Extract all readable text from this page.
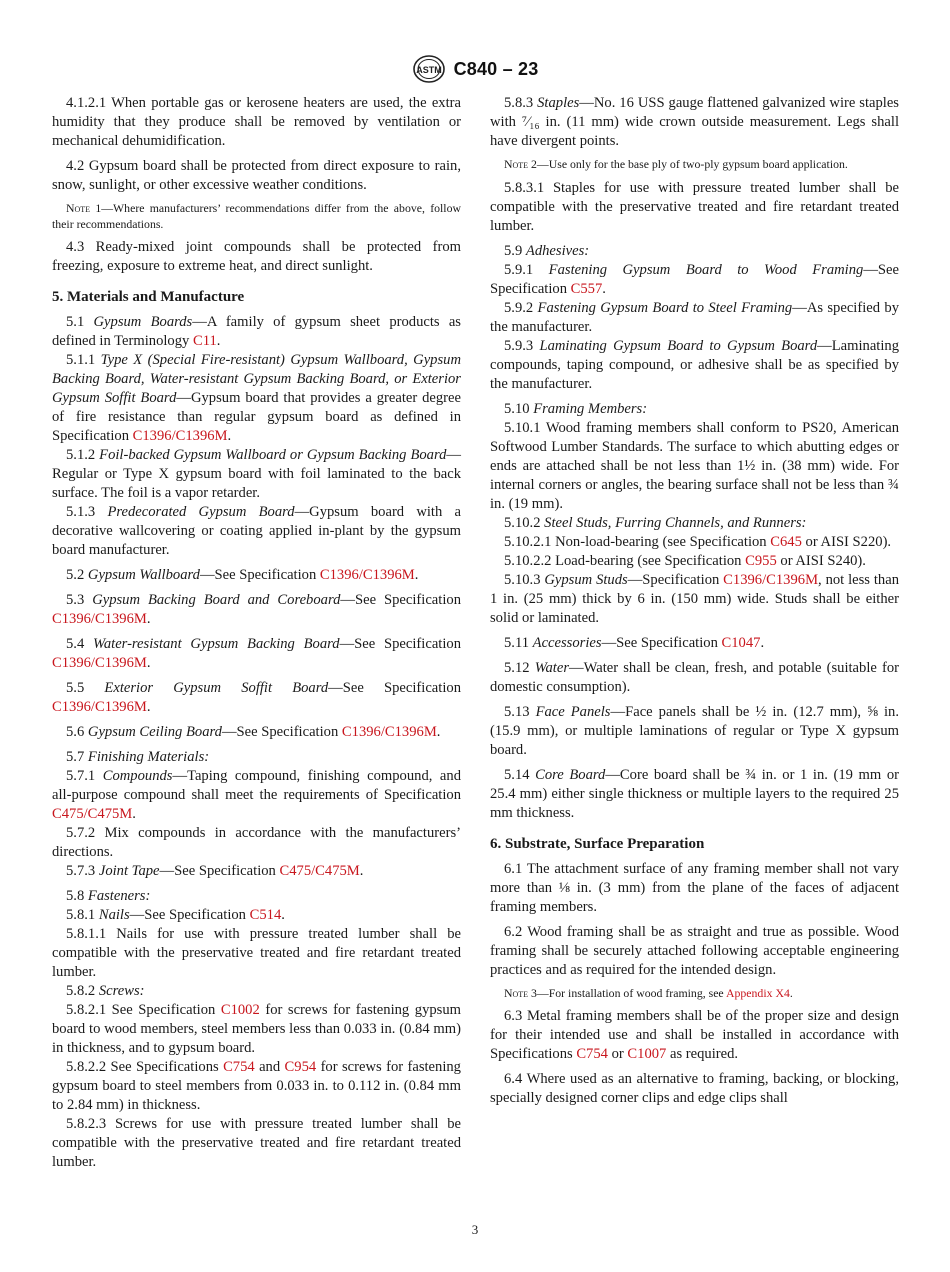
ASTM C840 – 23

4.1.2.1 When portable gas or kerosene heaters are used, the extra humidity that they produce shall be removed by ventilation or mechanical dehumidification.

4.2 Gypsum board shall be protected from direct exposure to rain, snow, sunlight, or other excessive weather conditions.

Note 1—Where manufacturers’ recommendations differ from the above, follow their recommendations.

4.3 Ready-mixed joint compounds shall be protected from freezing, exposure to extreme heat, and direct sunlight.

5. Materials and Manufacture

5.1 Gypsum Boards—A family of gypsum sheet products as defined in Terminology C11.

5.1.1 Type X (Special Fire-resistant) Gypsum Wallboard, Gypsum Backing Board, Water-resistant Gypsum Backing Board, or Exterior Gypsum Soffit Board—Gypsum board that provides a greater degree of fire resistance than regular gypsum board as defined in Specification C1396/C1396M.

5.1.2 Foil-backed Gypsum Wallboard or Gypsum Backing Board—Regular or Type X gypsum board with foil laminated to the back surface. The foil is a vapor retarder.

5.1.3 Predecorated Gypsum Board—Gypsum board with a decorative wallcovering or coating applied in-plant by the gypsum board manufacturer.

5.2 Gypsum Wallboard—See Specification C1396/C1396M.

5.3 Gypsum Backing Board and Coreboard—See Specification C1396/C1396M.

5.4 Water-resistant Gypsum Backing Board—See Specification C1396/C1396M.

5.5 Exterior Gypsum Soffit Board—See Specification C1396/C1396M.

5.6 Gypsum Ceiling Board—See Specification C1396/C1396M.

5.7 Finishing Materials:

5.7.1 Compounds—Taping compound, finishing compound, and all-purpose compound shall meet the requirements of Specification C475/C475M.

5.7.2 Mix compounds in accordance with the manufacturers’ directions.

5.7.3 Joint Tape—See Specification C475/C475M.

5.8 Fasteners:

5.8.1 Nails—See Specification C514.

5.8.1.1 Nails for use with pressure treated lumber shall be compatible with the preservative treated and fire retardant treated lumber.

5.8.2 Screws:

5.8.2.1 See Specification C1002 for screws for fastening gypsum board to wood members, steel members less than 0.033 in. (0.84 mm) in thickness, and to gypsum board.

5.8.2.2 See Specifications C754 and C954 for screws for fastening gypsum board to steel members from 0.033 in. to 0.112 in. (0.84 mm to 2.84 mm) in thickness.

5.8.2.3 Screws for use with pressure treated lumber shall be compatible with the preservative treated and fire retardant treated lumber.

5.8.3 Staples—No. 16 USS gauge flattened galvanized wire staples with ⁷⁄₁₆ in. (11 mm) wide crown outside measurement. Legs shall have divergent points.

Note 2—Use only for the base ply of two-ply gypsum board application.

5.8.3.1 Staples for use with pressure treated lumber shall be compatible with the preservative treated and fire retardant treated lumber.

5.9 Adhesives:

5.9.1 Fastening Gypsum Board to Wood Framing—See Specification C557.

5.9.2 Fastening Gypsum Board to Steel Framing—As specified by the manufacturer.

5.9.3 Laminating Gypsum Board to Gypsum Board—Laminating compounds, taping compound, or adhesive shall be as specified by the manufacturer.

5.10 Framing Members:

5.10.1 Wood framing members shall conform to PS20, American Softwood Lumber Standards. The surface to which abutting edges or ends are attached shall be not less than 1½ in. (38 mm) wide. For internal corners or angles, the bearing surface shall not be less than ¾ in. (19 mm).

5.10.2 Steel Studs, Furring Channels, and Runners:

5.10.2.1 Non-load-bearing (see Specification C645 or AISI S220).

5.10.2.2 Load-bearing (see Specification C955 or AISI S240).

5.10.3 Gypsum Studs—Specification C1396/C1396M, not less than 1 in. (25 mm) thick by 6 in. (150 mm) wide. Studs shall be either solid or laminated.

5.11 Accessories—See Specification C1047.

5.12 Water—Water shall be clean, fresh, and potable (suitable for domestic consumption).

5.13 Face Panels—Face panels shall be ½ in. (12.7 mm), ⅝ in. (15.9 mm), or multiple laminations of regular or Type X gypsum board.

5.14 Core Board—Core board shall be ¾ in. or 1 in. (19 mm or 25.4 mm) either single thickness or multiple layers to the required 25 mm thickness.

6. Substrate, Surface Preparation

6.1 The attachment surface of any framing member shall not vary more than ⅛ in. (3 mm) from the plane of the faces of adjacent framing members.

6.2 Wood framing shall be as straight and true as possible. Wood framing shall be securely attached following acceptable engineering practices and as required for the intended design.

Note 3—For installation of wood framing, see Appendix X4.

6.3 Metal framing members shall be of the proper size and design for their intended use and shall be installed in accordance with Specifications C754 or C1007 as required.

6.4 Where used as an alternative to framing, backing, or blocking, specially designed corner clips and edge clips shall

3
